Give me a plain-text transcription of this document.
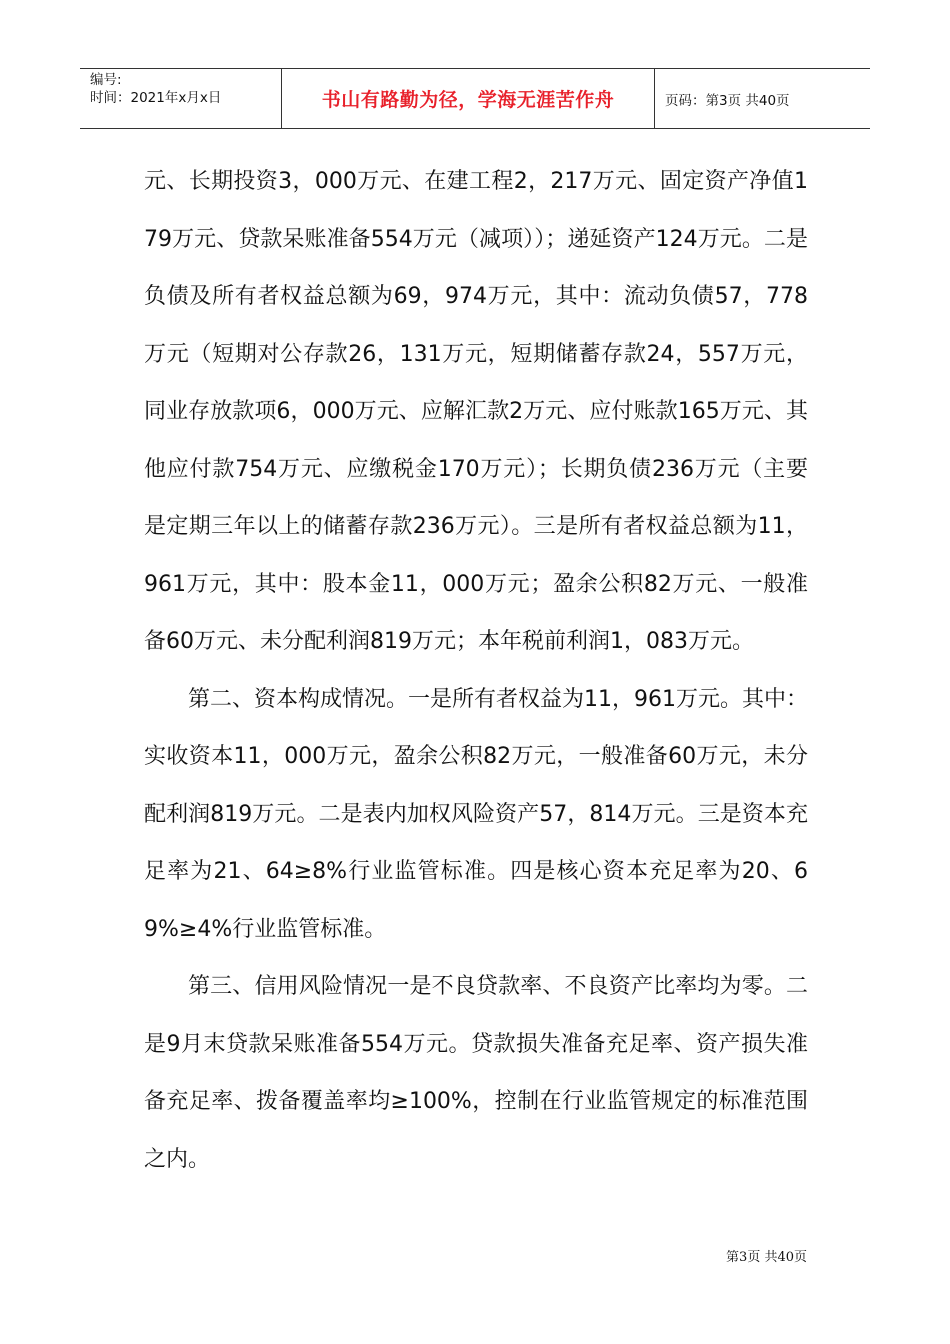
编号:
时间：2021年x月x日	书山有路勤为径，学海无涯苦作舟	页码：第3页 共40页

元、长期投资3，000万元、在建工程2，217万元、固定资产净值179万元、贷款呆账准备554万元（减项））；递延资产124万元。二是负债及所有者权益总额为69，974万元，其中：流动负债57，778万元（短期对公存款26，131万元，短期储蓄存款24，557万元，同业存放款项6，000万元、应解汇款2万元、应付账款165万元、其他应付款754万元、应缴税金170万元）；长期负债236万元（主要是定期三年以上的储蓄存款236万元）。三是所有者权益总额为11，961万元，其中：股本金11，000万元；盈余公积82万元、一般准备60万元、未分配利润819万元；本年税前利润1，083万元。

第二、资本构成情况。一是所有者权益为11，961万元。其中：实收资本11，000万元，盈余公积82万元，一般准备60万元，未分配利润819万元。二是表内加权风险资产57，814万元。三是资本充足率为21、64≥8%行业监管标准。四是核心资本充足率为20、69%≥4%行业监管标准。

第三、信用风险情况一是不良贷款率、不良资产比率均为零。二是9月末贷款呆账准备554万元。贷款损失准备充足率、资产损失准备充足率、拨备覆盖率均≥100%，控制在行业监管规定的标准范围之内。

第3页 共40页
